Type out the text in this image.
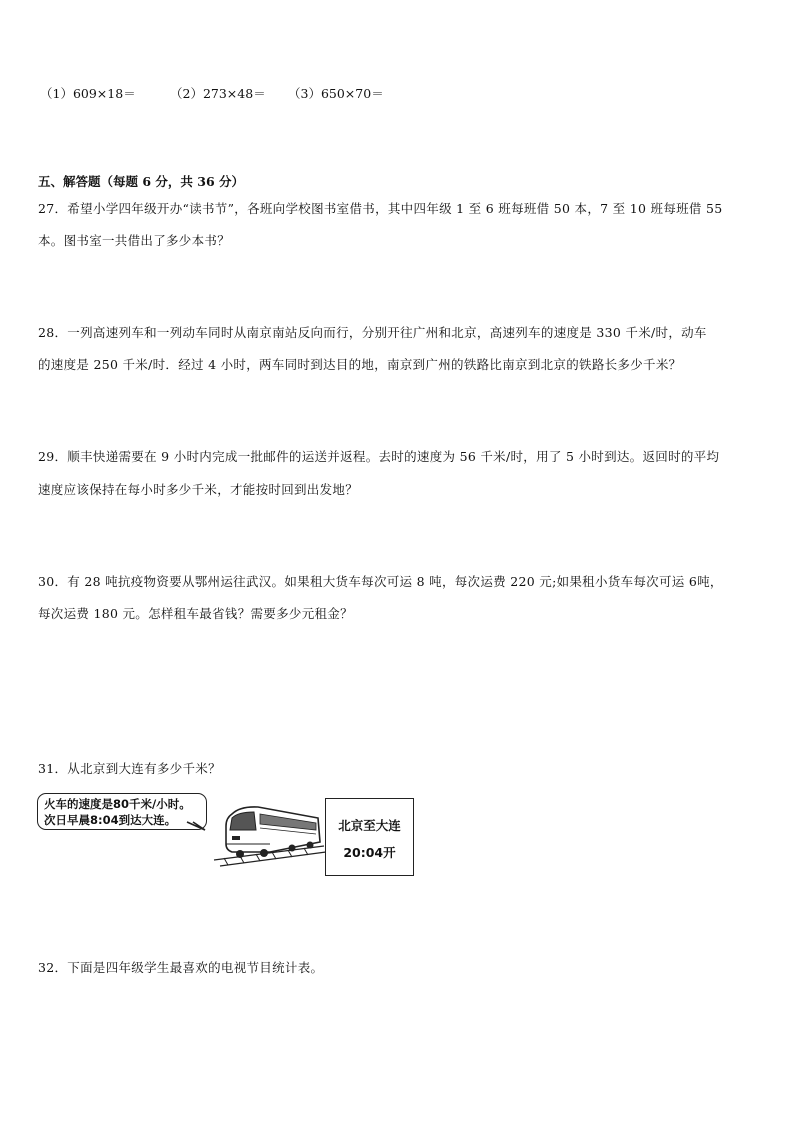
（1）609×18＝	（2）273×48＝ （3）650×70＝
五、解答题（每题 6 分，共 36 分）
27．希望小学四年级开办“读书节”，各班向学校图书室借书，其中四年级 1 至 6 班每班借 50 本，7 至 10 班每班借 55
本。图书室一共借出了多少本书？
28．一列高速列车和一列动车同时从南京南站反向而行，分别开往广州和北京，高速列车的速度是 330 千米/时，动车
的速度是 250 千米/时．经过 4 小时，两车同时到达目的地，南京到广州的铁路比南京到北京的铁路长多少千米？
29．顺丰快递需要在 9 小时内完成一批邮件的运送并返程。去时的速度为 56 千米/时，用了 5 小时到达。返回时的平均
速度应该保持在每小时多少千米，才能按时回到出发地？
30．有 28 吨抗疫物资要从鄂州运往武汉。如果租大货车每次可运 8 吨，每次运费 220 元;如果租小货车每次可运 6吨，
每次运费 180 元。怎样租车最省钱？需要多少元租金？
31．从北京到大连有多少千米？
火车的速度是80千米/小时。
次日早晨8:04到达大连。	北京至大连
20:04开
32．下面是四年级学生最喜欢的电视节目统计表。
